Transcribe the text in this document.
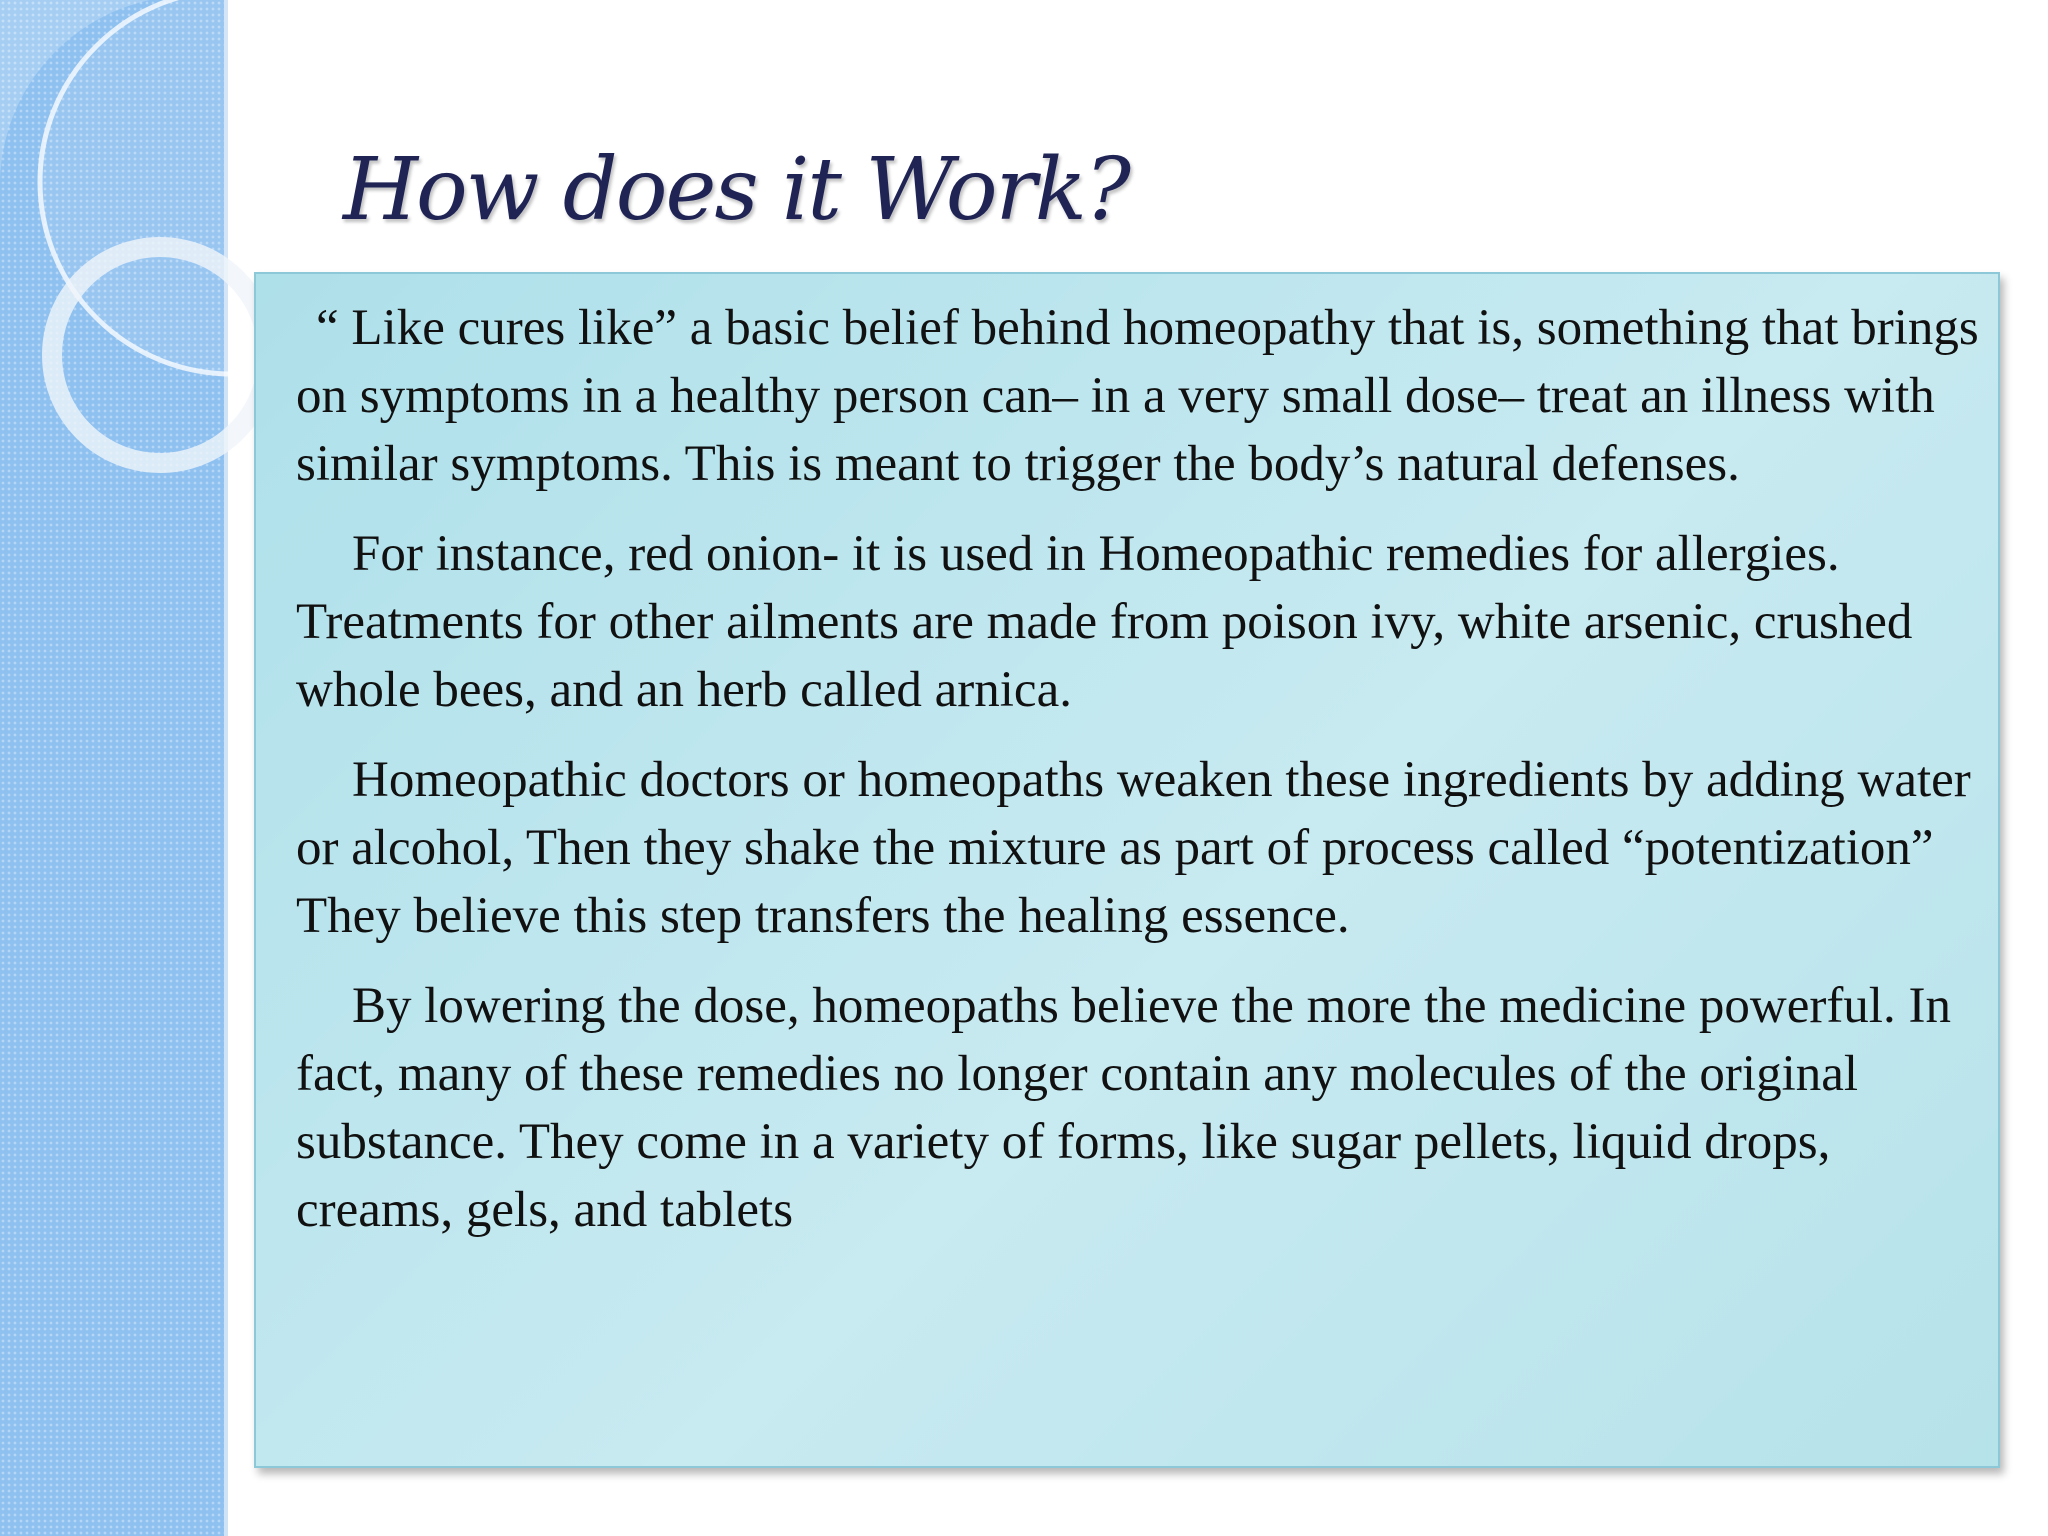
How does it Work?

“ Like cures like” a basic belief behind homeopathy that is, something that brings on symptoms in a healthy person can– in a very small dose– treat an illness with similar symptoms. This is meant to trigger the body’s natural defenses.

For instance, red onion- it is used in Homeopathic remedies for allergies. Treatments for other ailments are made from poison ivy, white arsenic, crushed whole bees, and an herb called arnica.

Homeopathic doctors or homeopaths weaken these ingredients by adding water or alcohol, Then they shake the mixture as part of process called “potentization” They believe this step transfers the healing essence.

By lowering the dose, homeopaths believe the more the medicine powerful. In fact, many of these remedies no longer contain any molecules of the original substance. They come in a variety of forms, like sugar pellets, liquid drops, creams, gels, and tablets
